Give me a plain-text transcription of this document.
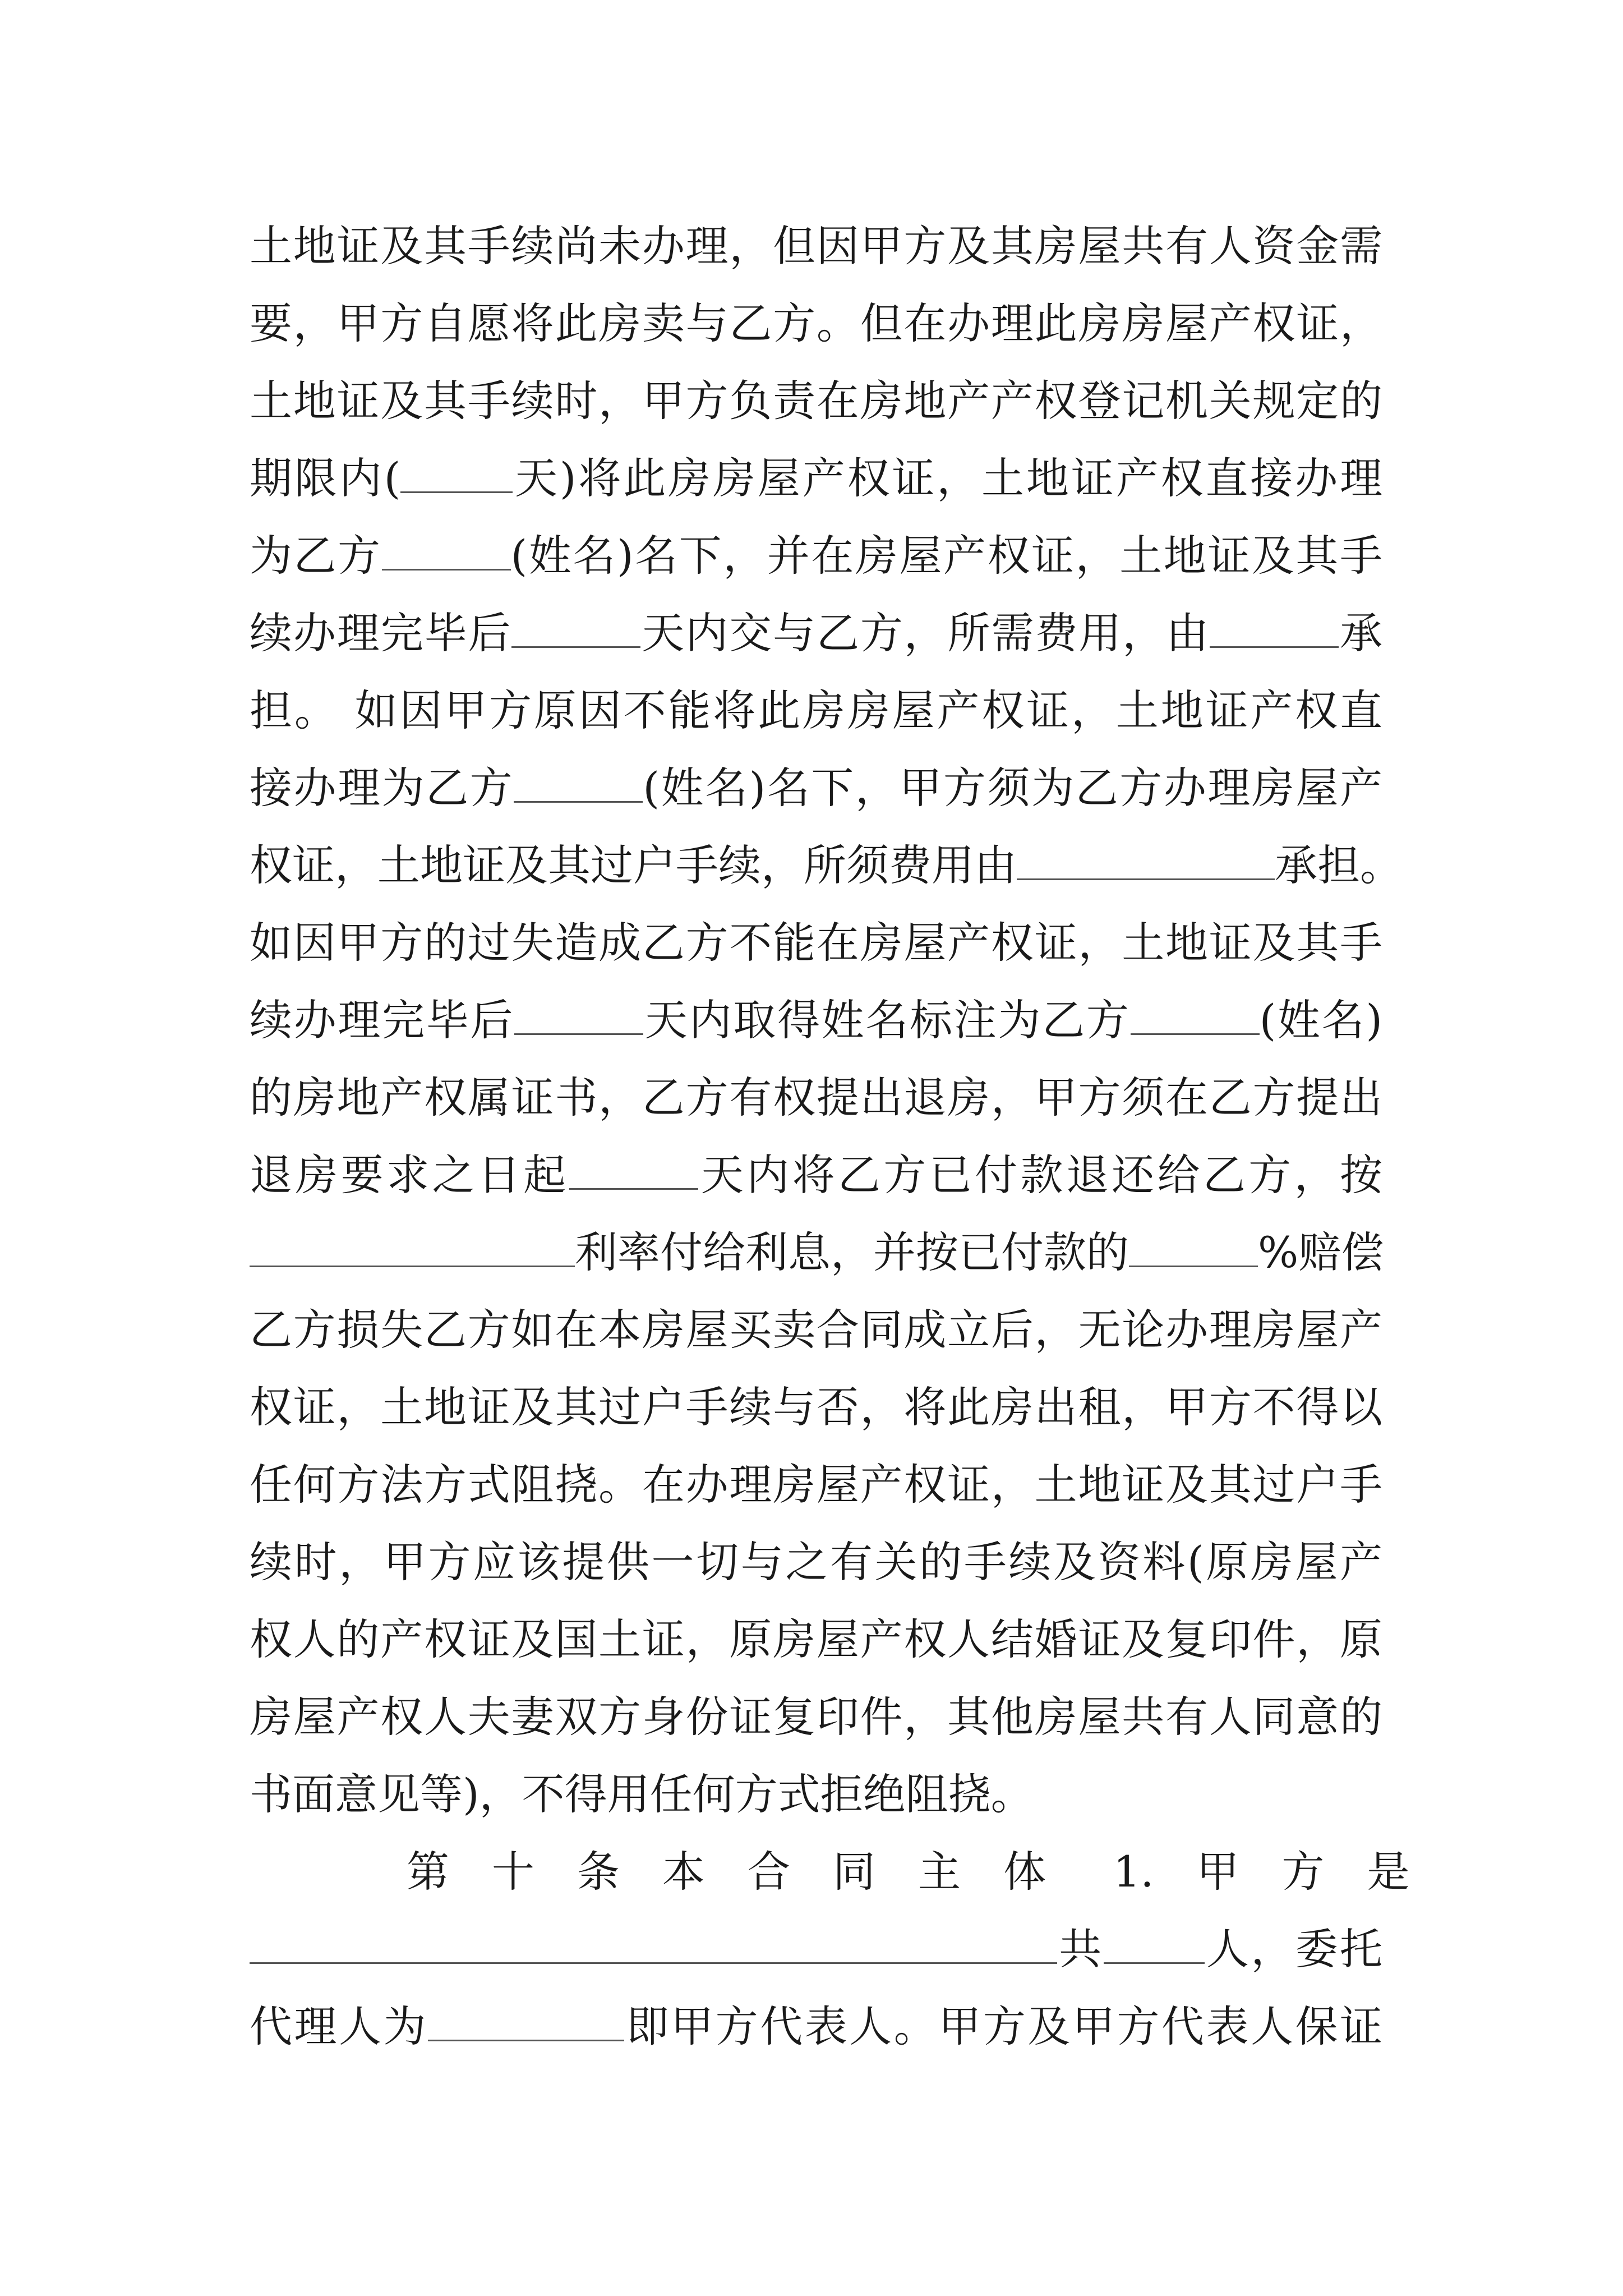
土地证及其手续尚未办理，但因甲方及其房屋共有人资金需
要，甲方自愿将此房卖与乙方。但在办理此房房屋产权证，
土地证及其手续时，甲方负责在房地产产权登记机关规定的
期限内(	天)将此房房屋产权证，土地证产权直接办理
为乙方	(姓名)名下，并在房屋产权证，土地证及其手
续办理完毕后	天内交与乙方，所需费用，由	承
担。 如因甲方原因不能将此房房屋产权证，土地证产权直
接办理为乙方	(姓名)名下，甲方须为乙方办理房屋产
权证，土地证及其过户手续，所须费用由	承担。
如因甲方的过失造成乙方不能在房屋产权证，土地证及其手
续办理完毕后	天内取得姓名标注为乙方	(姓名)
的房地产权属证书，乙方有权提出退房，甲方须在乙方提出
退房要求之日起	天内将乙方已付款退还给乙方，按
利率付给利息，并按已付款的	%赔偿
乙方损失乙方如在本房屋买卖合同成立后，无论办理房屋产
权证，土地证及其过户手续与否，将此房出租，甲方不得以
任何方法方式阻挠。在办理房屋产权证，土地证及其过户手
续时，甲方应该提供一切与之有关的手续及资料(原房屋产
权人的产权证及国土证，原房屋产权人结婚证及复印件，原
房屋产权人夫妻双方身份证复印件，其他房屋共有人同意的
书面意见等)，不得用任何方式拒绝阻挠。
第　十　条　本　合　同　主　体 1.　甲　方　是
共 人，委托
代理人为	即甲方代表人。甲方及甲方代表人保证
